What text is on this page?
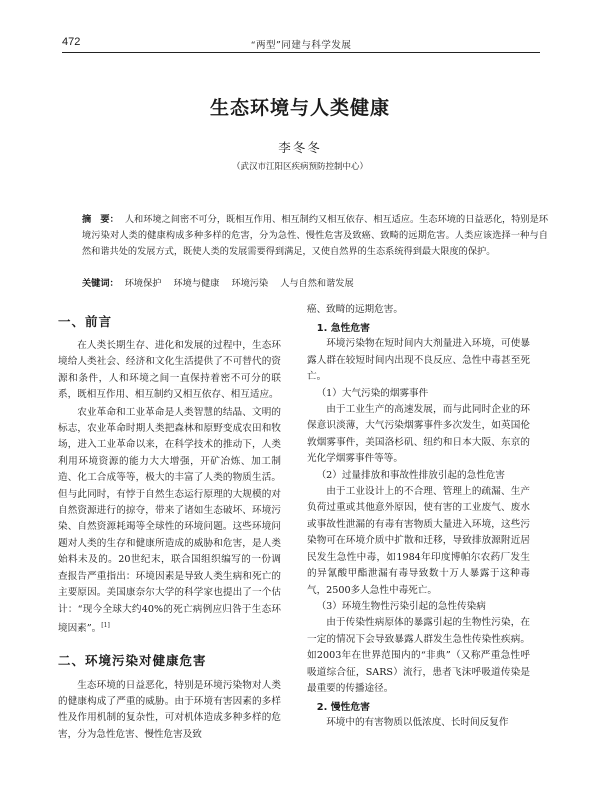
472	“两型”同建与科学发展
生态环境与人类健康
李冬冬
（武汉市江阳区疾病预防控制中心）
摘　要： 人和环境之间密不可分，既相互作用、相互制约又相互依存、相互适应。生态环境的日益恶化，特别是环境污染对人类的健康构成多种多样的危害，分为急性、慢性危害及致癌、致畸的远期危害。人类应该选择一种与自然和谐共处的发展方式，既使人类的发展需要得到满足，又使自然界的生态系统得到最大限度的保护。
关键词： 环境保护 环境与健康 环境污染 人与自然和谐发展
一、前言

在人类长期生存、进化和发展的过程中，生态环境给人类社会、经济和文化生活提供了不可替代的资源和条件，人和环境之间一直保持着密不可分的联系，既相互作用、相互制约又相互依存、相互适应。

农业革命和工业革命是人类智慧的结晶、文明的标志，农业革命时期人类把森林和原野变成农田和牧场，进入工业革命以来，在科学技术的推动下，人类利用环境资源的能力大大增强，开矿冶炼、加工制造、化工合成等等，极大的丰富了人类的物质生活。但与此同时，有悖于自然生态运行原理的大规模的对自然资源进行的掠夺，带来了诸如生态破坏、环境污染、自然资源耗竭等全球性的环境问题。这些环境问题对人类的生存和健康所造成的威胁和危害，是人类始料未及的。20世纪末，联合国组织编写的一份调查报告严重指出：环境因素是导致人类生病和死亡的主要原因。美国康奈尔大学的科学家也提出了一个估计：“现今全球大约40%的死亡病例应归咎于生态环境因素”。[1]

二、环境污染对健康危害

生态环境的日益恶化，特别是环境污染物对人类的健康构成了严重的威胁。由于环境有害因素的多样性及作用机制的复杂性，可对机体造成多种多样的危害，分为急性危害、慢性危害及致

癌、致畸的远期危害。

1. 急性危害

环境污染物在短时间内大剂量进入环境，可使暴露人群在较短时间内出现不良反应、急性中毒甚至死亡。

（1）大气污染的烟雾事件

由于工业生产的高速发展，而与此同时企业的环保意识淡薄，大气污染烟雾事件多次发生，如英国伦敦烟雾事件，美国洛杉矶、纽约和日本大阪、东京的光化学烟雾事件等等。

（2）过量排放和事故性排放引起的急性危害

由于工业设计上的不合理、管理上的疏漏、生产负荷过重或其他意外原因，使有害的工业废气、废水或事故性泄漏的有毒有害物质大量进入环境，这些污染物可在环境介质中扩散和迁移，导致排放源附近居民发生急性中毒，如1984年印度博帕尔农药厂发生的异氰酸甲酯泄漏有毒导致数十万人暴露于这种毒气，2500多人急性中毒死亡。

（3）环境生物性污染引起的急性传染病

由于传染性病原体的暴露引起的生物性污染，在一定的情况下会导致暴露人群发生急性传染性疾病。如2003年在世界范围内的“非典”（又称严重急性呼吸道综合征，SARS）流行，患者飞沫呼吸道传染是最重要的传播途径。

2. 慢性危害

环境中的有害物质以低浓度、长时间反复作
